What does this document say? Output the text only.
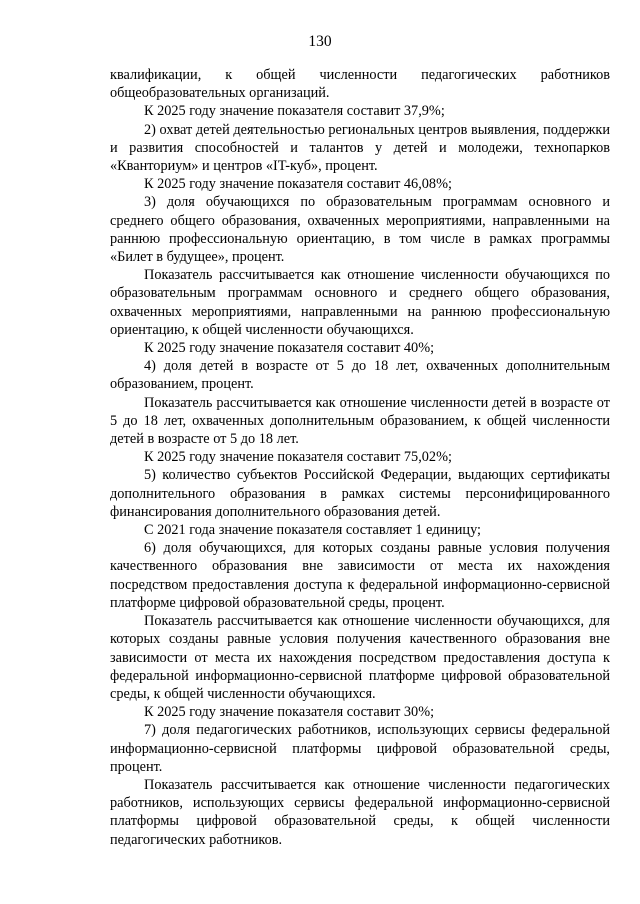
130

квалификации, к общей численности педагогических работников общеобразовательных организаций.

К 2025 году значение показателя составит 37,9%;

2) охват детей деятельностью региональных центров выявления, поддержки и развития способностей и талантов у детей и молодежи, технопарков «Кванториум» и центров «IT-куб», процент.

К 2025 году значение показателя составит 46,08%;

3) доля обучающихся по образовательным программам основного и среднего общего образования, охваченных мероприятиями, направленными на раннюю профессиональную ориентацию, в том числе в рамках программы «Билет в будущее», процент.

Показатель рассчитывается как отношение численности обучающихся по образовательным программам основного и среднего общего образования, охваченных мероприятиями, направленными на раннюю профессиональную ориентацию, к общей численности обучающихся.

К 2025 году значение показателя составит 40%;

4) доля детей в возрасте от 5 до 18 лет, охваченных дополнительным образованием, процент.

Показатель рассчитывается как отношение численности детей в возрасте от 5 до 18 лет, охваченных дополнительным образованием, к общей численности детей в возрасте от 5 до 18 лет.

К 2025 году значение показателя составит 75,02%;

5) количество субъектов Российской Федерации, выдающих сертификаты дополнительного образования в рамках системы персонифицированного финансирования дополнительного образования детей.

С 2021 года значение показателя составляет 1 единицу;

6) доля обучающихся, для которых созданы равные условия получения качественного образования вне зависимости от места их нахождения посредством предоставления доступа к федеральной информационно-сервисной платформе цифровой образовательной среды, процент.

Показатель рассчитывается как отношение численности обучающихся, для которых созданы равные условия получения качественного образования вне зависимости от места их нахождения посредством предоставления доступа к федеральной информационно-сервисной платформе цифровой образовательной среды, к общей численности обучающихся.

К 2025 году значение показателя составит 30%;

7) доля педагогических работников, использующих сервисы федеральной информационно-сервисной платформы цифровой образовательной среды, процент.

Показатель рассчитывается как отношение численности педагогических работников, использующих сервисы федеральной информационно-сервисной платформы цифровой образовательной среды, к общей численности педагогических работников.
